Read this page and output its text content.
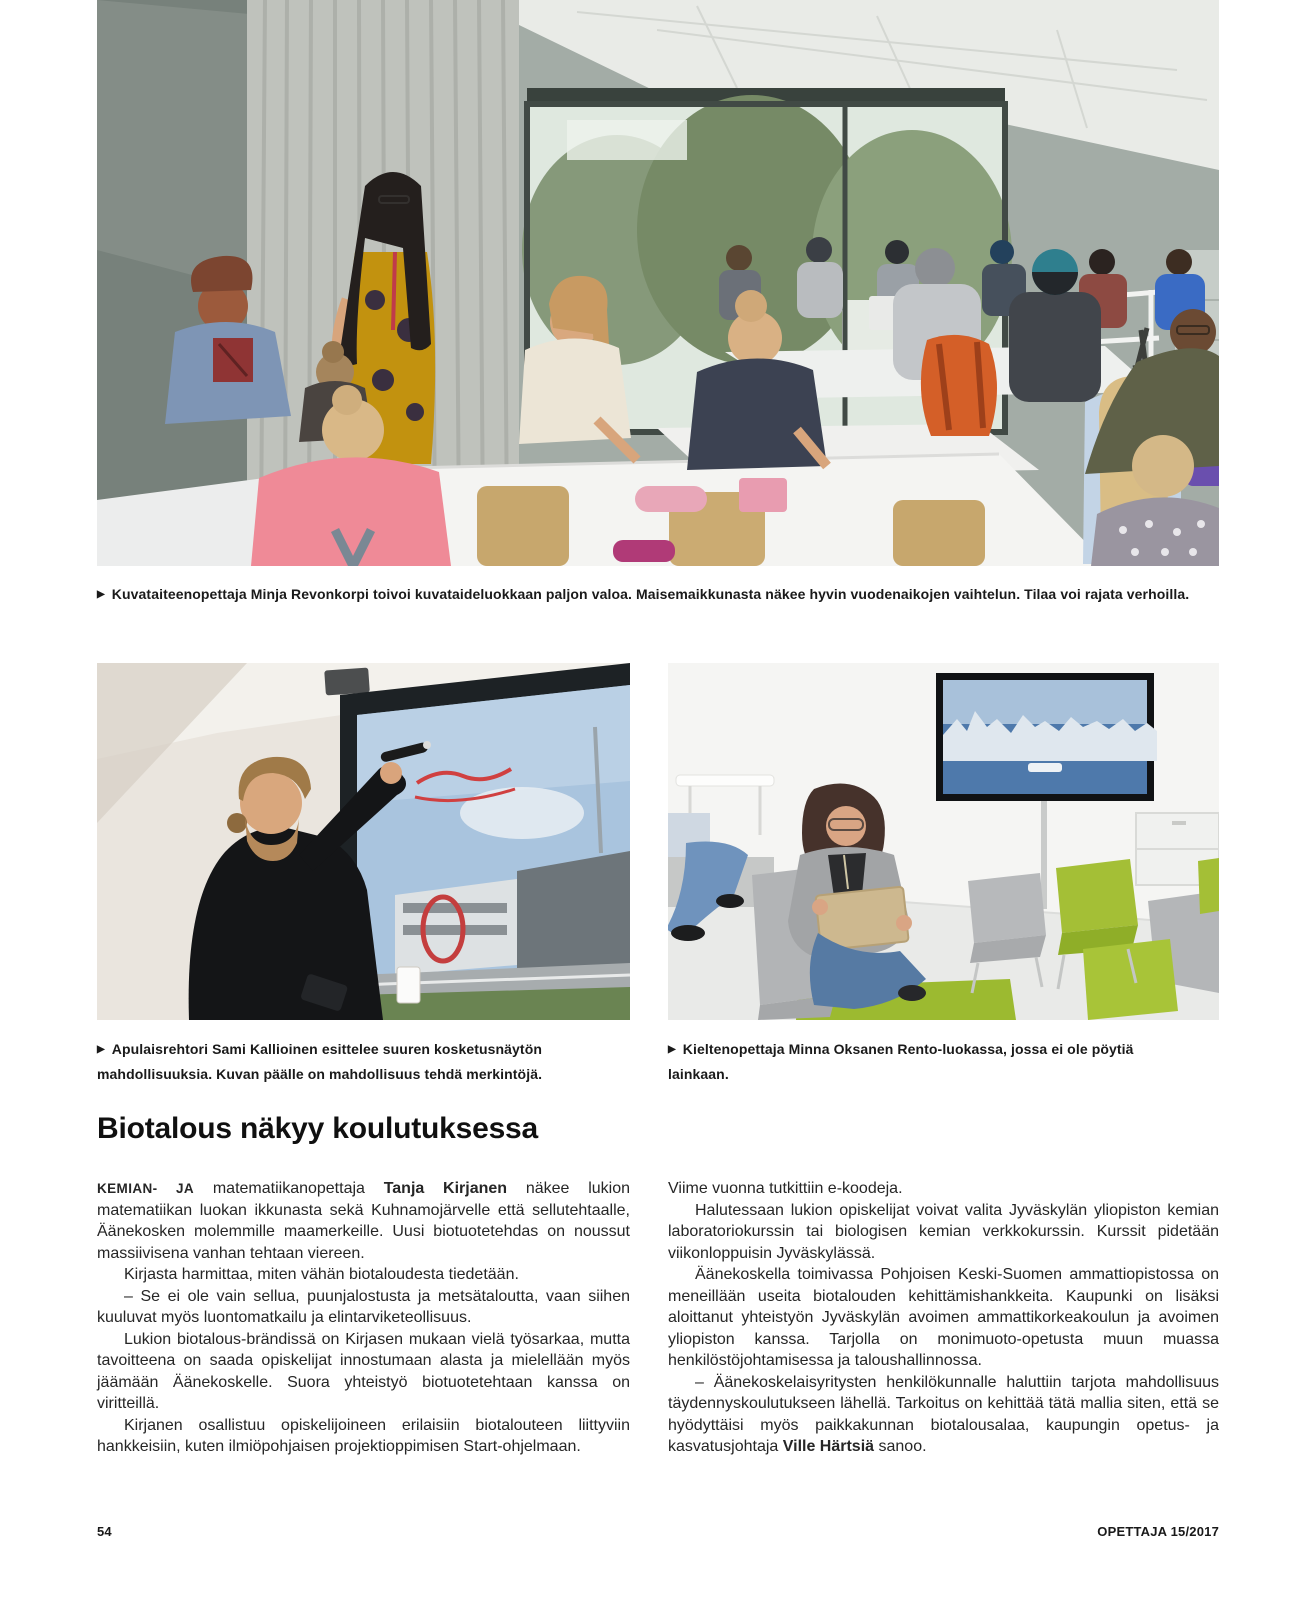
▶ Kuvataiteenopettaja Minja Revonkorpi toivoi kuvataideluokkaan paljon valoa. Maisemaikkunasta näkee hyvin vuodenaikojen vaihtelun. Tilaa voi rajata verhoilla.

▶ Apulaisrehtori Sami Kallioinen esittelee suuren kosketusnäytön mahdollisuuksia. Kuvan päälle on mahdollisuus tehdä merkintöjä.

▶ Kieltenopettaja Minna Oksanen Rento-luokassa, jossa ei ole pöytiä lainkaan.

Biotalous näkyy koulutuksessa

KEMIAN- JA matematiikanopettaja Tanja Kirjanen näkee lukion matematiikan luokan ikkunasta sekä Kuhnamojärvelle että sellutehtaalle, Äänekosken molemmille maamerkeille. Uusi biotuotetehdas on noussut massiivisena vanhan tehtaan viereen.

Kirjasta harmittaa, miten vähän biotaloudesta tiedetään.

– Se ei ole vain sellua, puunjalostusta ja metsätaloutta, vaan siihen kuuluvat myös luontomatkailu ja elintarviketeollisuus.

Lukion biotalous-brändissä on Kirjasen mukaan vielä työsarkaa, mutta tavoitteena on saada opiskelijat innostumaan alasta ja mielellään myös jäämään Äänekoskelle. Suora yhteistyö biotuotetehtaan kanssa on viritteillä.

Kirjanen osallistuu opiskelijoineen erilaisiin biotalouteen liittyviin hankkeisiin, kuten ilmiöpohjaisen projektioppimisen Start-ohjelmaan.

Viime vuonna tutkittiin e-koodeja.

Halutessaan lukion opiskelijat voivat valita Jyväskylän yliopiston kemian laboratoriokurssin tai biologisen kemian verkkokurssin. Kurssit pidetään viikonloppuisin Jyväskylässä.

Äänekoskella toimivassa Pohjoisen Keski-Suomen ammattiopistossa on meneillään useita biotalouden kehittämishankkeita. Kaupunki on lisäksi aloittanut yhteistyön Jyväskylän avoimen ammattikorkeakoulun ja avoimen yliopiston kanssa. Tarjolla on monimuoto-opetusta muun muassa henkilöstöjohtamisessa ja taloushallinnossa.

– Äänekoskelaisyritysten henkilökunnalle haluttiin tarjota mahdollisuus täydennyskoulutukseen lähellä. Tarkoitus on kehittää tätä mallia siten, että se hyödyttäisi myös paikkakunnan biotalousalaa, kaupungin opetus- ja kasvatusjohtaja Ville Härtsiä sanoo.

54	OPETTAJA 15/2017
